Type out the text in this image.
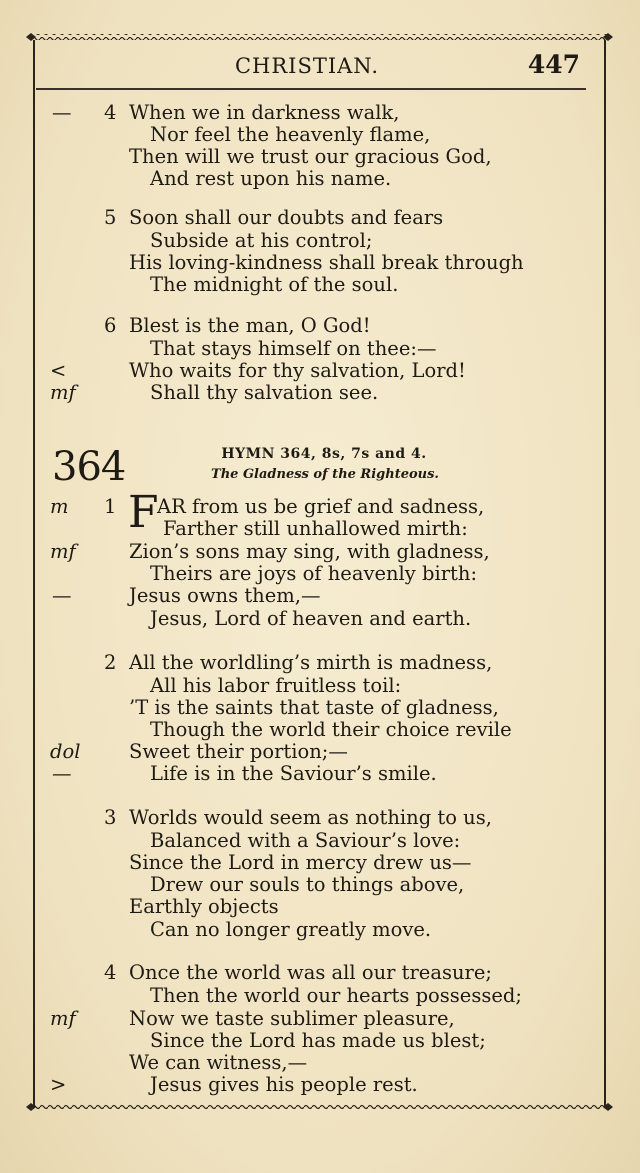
CHRISTIAN.	447
—	4 When we in darkness walk,
Nor feel the heavenly flame,
Then will we trust our gracious God,
And rest upon his name.
5 Soon shall our doubts and fears
Subside at his control;
His loving-kindness shall break through
The midnight of the soul.
6 Blest is the man, O God!
That stays himself on thee:—
<	Who waits for thy salvation, Lord!
mf	Shall thy salvation see.
364	HYMN 364, 8s, 7s and 4.
The Gladness of the Righteous.
F
m	1 AR from us be grief and sadness,
Farther still unhallowed mirth:
mf	Zion’s sons may sing, with gladness,
Theirs are joys of heavenly birth:
—	Jesus owns them,—
Jesus, Lord of heaven and earth.
2 All the worldling’s mirth is madness,
All his labor fruitless toil:
’T is the saints that taste of gladness,
Though the world their choice revile
dol	Sweet their portion;—
—	Life is in the Saviour’s smile.
3 Worlds would seem as nothing to us,
Balanced with a Saviour’s love:
Since the Lord in mercy drew us—
Drew our souls to things above,
Earthly objects
Can no longer greatly move.
4 Once the world was all our treasure;
Then the world our hearts possessed;
mf	Now we taste sublimer pleasure,
Since the Lord has made us blest;
We can witness,—
>	Jesus gives his people rest.
